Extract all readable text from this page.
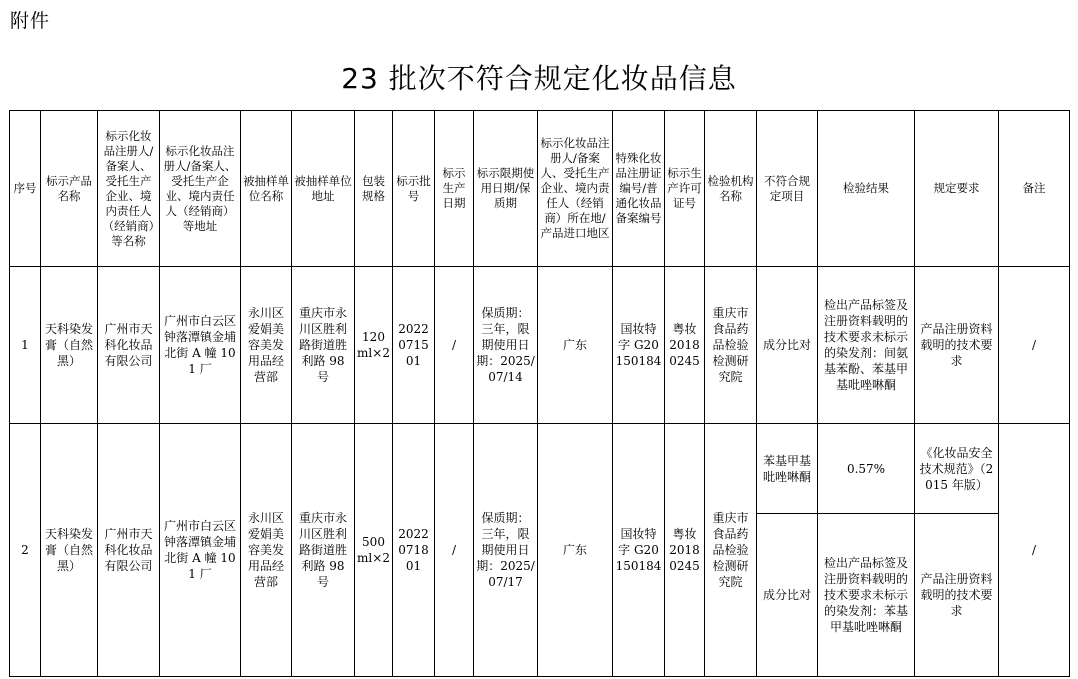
附件
23 批次不符合规定化妆品信息
序号	标示产品名称	标示化妆品注册人/备案人、受托生产企业、境内责任人（经销商）等名称	标示化妆品注册人/备案人、受托生产企业、境内责任人（经销商）等地址	被抽样单位名称	被抽样单位地址	包装规格	标示批号	标示生产日期	标示限期使用日期/保质期	标示化妆品注册人/备案人、受托生产企业、境内责任人（经销商）所在地/产品进口地区	特殊化妆品注册证编号/普通化妆品备案编号	标示生产许可证号	检验机构名称	不符合规定项目	检验结果	规定要求	备注
1	天科染发膏（自然黑）	广州市天科化妆品有限公司	广州市白云区钟落潭镇金埔北街 A 幢 101 厂	永川区爱娟美容美发用品经营部	重庆市永川区胜利路街道胜利路 98 号	120ml×2	2022071501	/	保质期：三年，限期使用日期：2025/07/14	广东	国妆特字 G20150184	粤妆 20180245	重庆市食品药品检验检测研究院	成分比对	检出产品标签及注册资料载明的技术要求未标示的染发剂：间氨基苯酚、苯基甲基吡唑啉酮	产品注册资料载明的技术要求	/
2	天科染发膏（自然黑）	广州市天科化妆品有限公司	广州市白云区钟落潭镇金埔北街 A 幢 101 厂	永川区爱娟美容美发用品经营部	重庆市永川区胜利路街道胜利路 98 号	500ml×2	2022071801	/	保质期：三年，限期使用日期：2025/07/17	广东	国妆特字 G20150184	粤妆 20180245	重庆市食品药品检验检测研究院	苯基甲基吡唑啉酮	0.57%	《化妆品安全技术规范》（2015 年版）	/
														成分比对	检出产品标签及注册资料载明的技术要求未标示的染发剂：苯基甲基吡唑啉酮	产品注册资料载明的技术要求	
